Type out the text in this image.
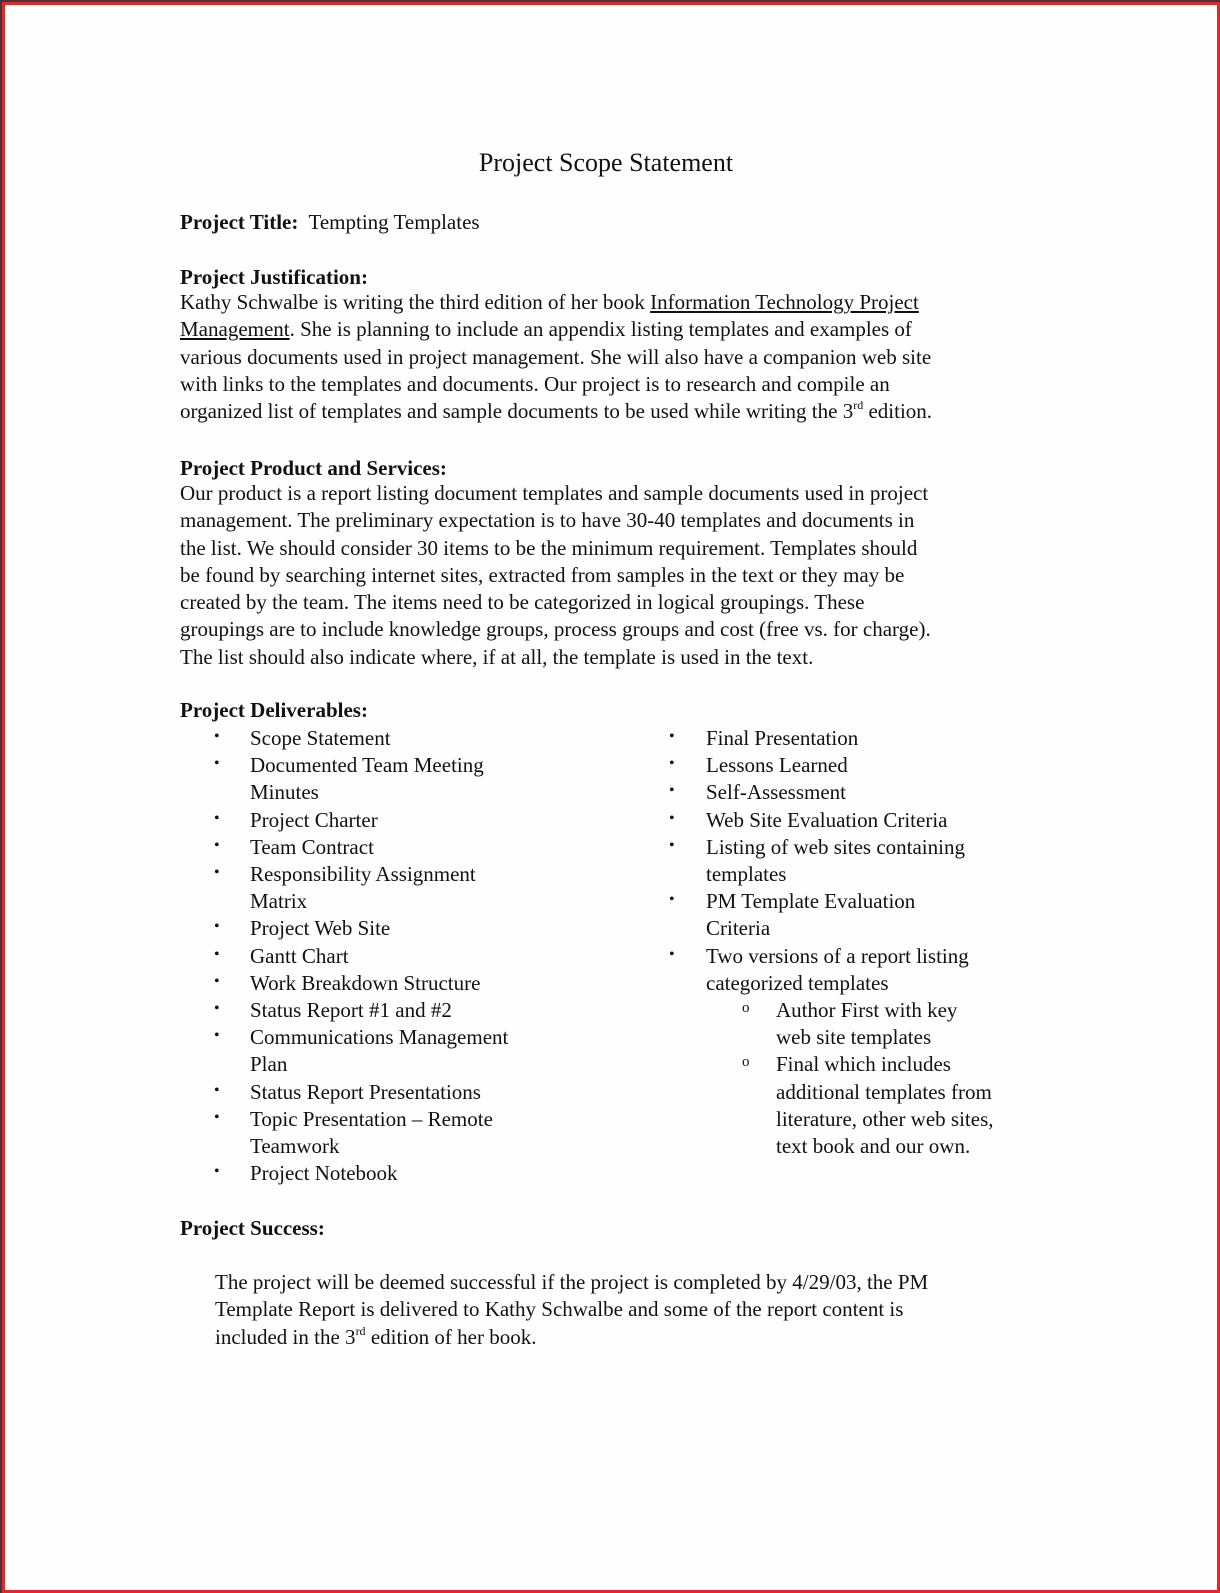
Project Scope Statement
Project Title: Tempting Templates
Project Justification:
Kathy Schwalbe is writing the third edition of her book Information Technology Project
Management. She is planning to include an appendix listing templates and examples of
various documents used in project management. She will also have a companion web site
with links to the templates and documents. Our project is to research and compile an
organized list of templates and sample documents to be used while writing the 3rd edition.
Project Product and Services:
Our product is a report listing document templates and sample documents used in project
management. The preliminary expectation is to have 30-40 templates and documents in
the list. We should consider 30 items to be the minimum requirement. Templates should
be found by searching internet sites, extracted from samples in the text or they may be
created by the team. The items need to be categorized in logical groupings. These
groupings are to include knowledge groups, process groups and cost (free vs. for charge).
The list should also indicate where, if at all, the template is used in the text.
Project Deliverables:
• Scope Statement
• Documented Team Meeting
Minutes
• Project Charter
• Team Contract
• Responsibility Assignment
Matrix
• Project Web Site
• Gantt Chart
• Work Breakdown Structure
• Status Report #1 and #2
• Communications Management
Plan
• Status Report Presentations
• Topic Presentation – Remote
Teamwork
• Project Notebook
• Final Presentation
• Lessons Learned
• Self-Assessment
• Web Site Evaluation Criteria
• Listing of web sites containing
templates
• PM Template Evaluation
Criteria
• Two versions of a report listing
categorized templates
o Author First with key
web site templates
o Final which includes
additional templates from
literature, other web sites,
text book and our own.
Project Success:
The project will be deemed successful if the project is completed by 4/29/03, the PM
Template Report is delivered to Kathy Schwalbe and some of the report content is
included in the 3rd edition of her book.
